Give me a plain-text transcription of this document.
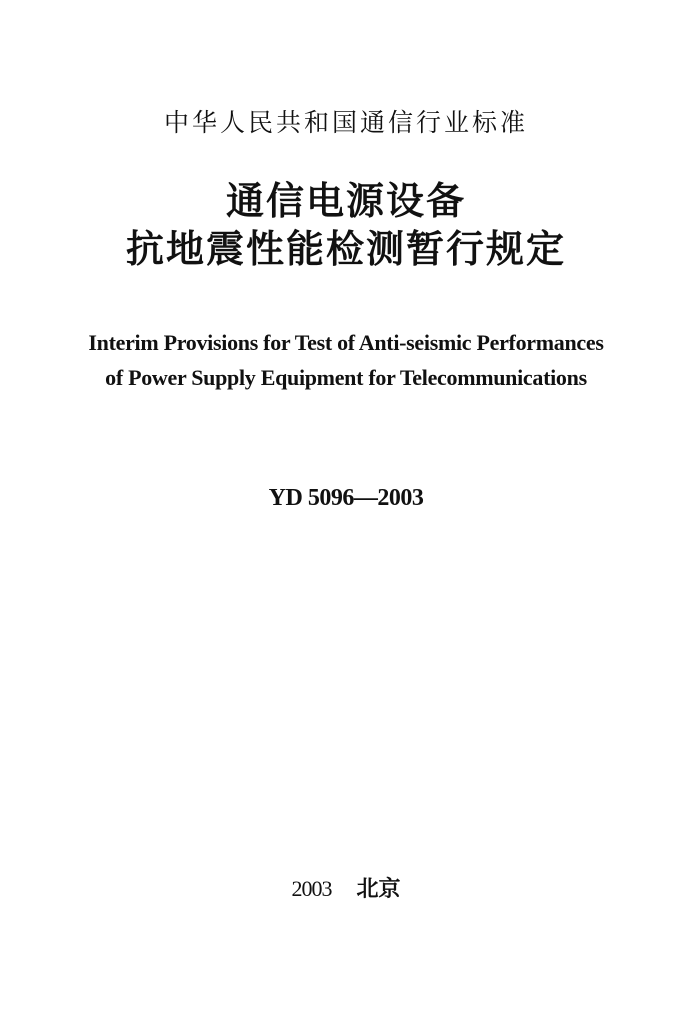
中华人民共和国通信行业标准
通信电源设备
抗地震性能检测暂行规定
Interim Provisions for Test of Anti-seismic Performances
of Power Supply Equipment for Telecommunications
YD 5096—2003
2003 北京
